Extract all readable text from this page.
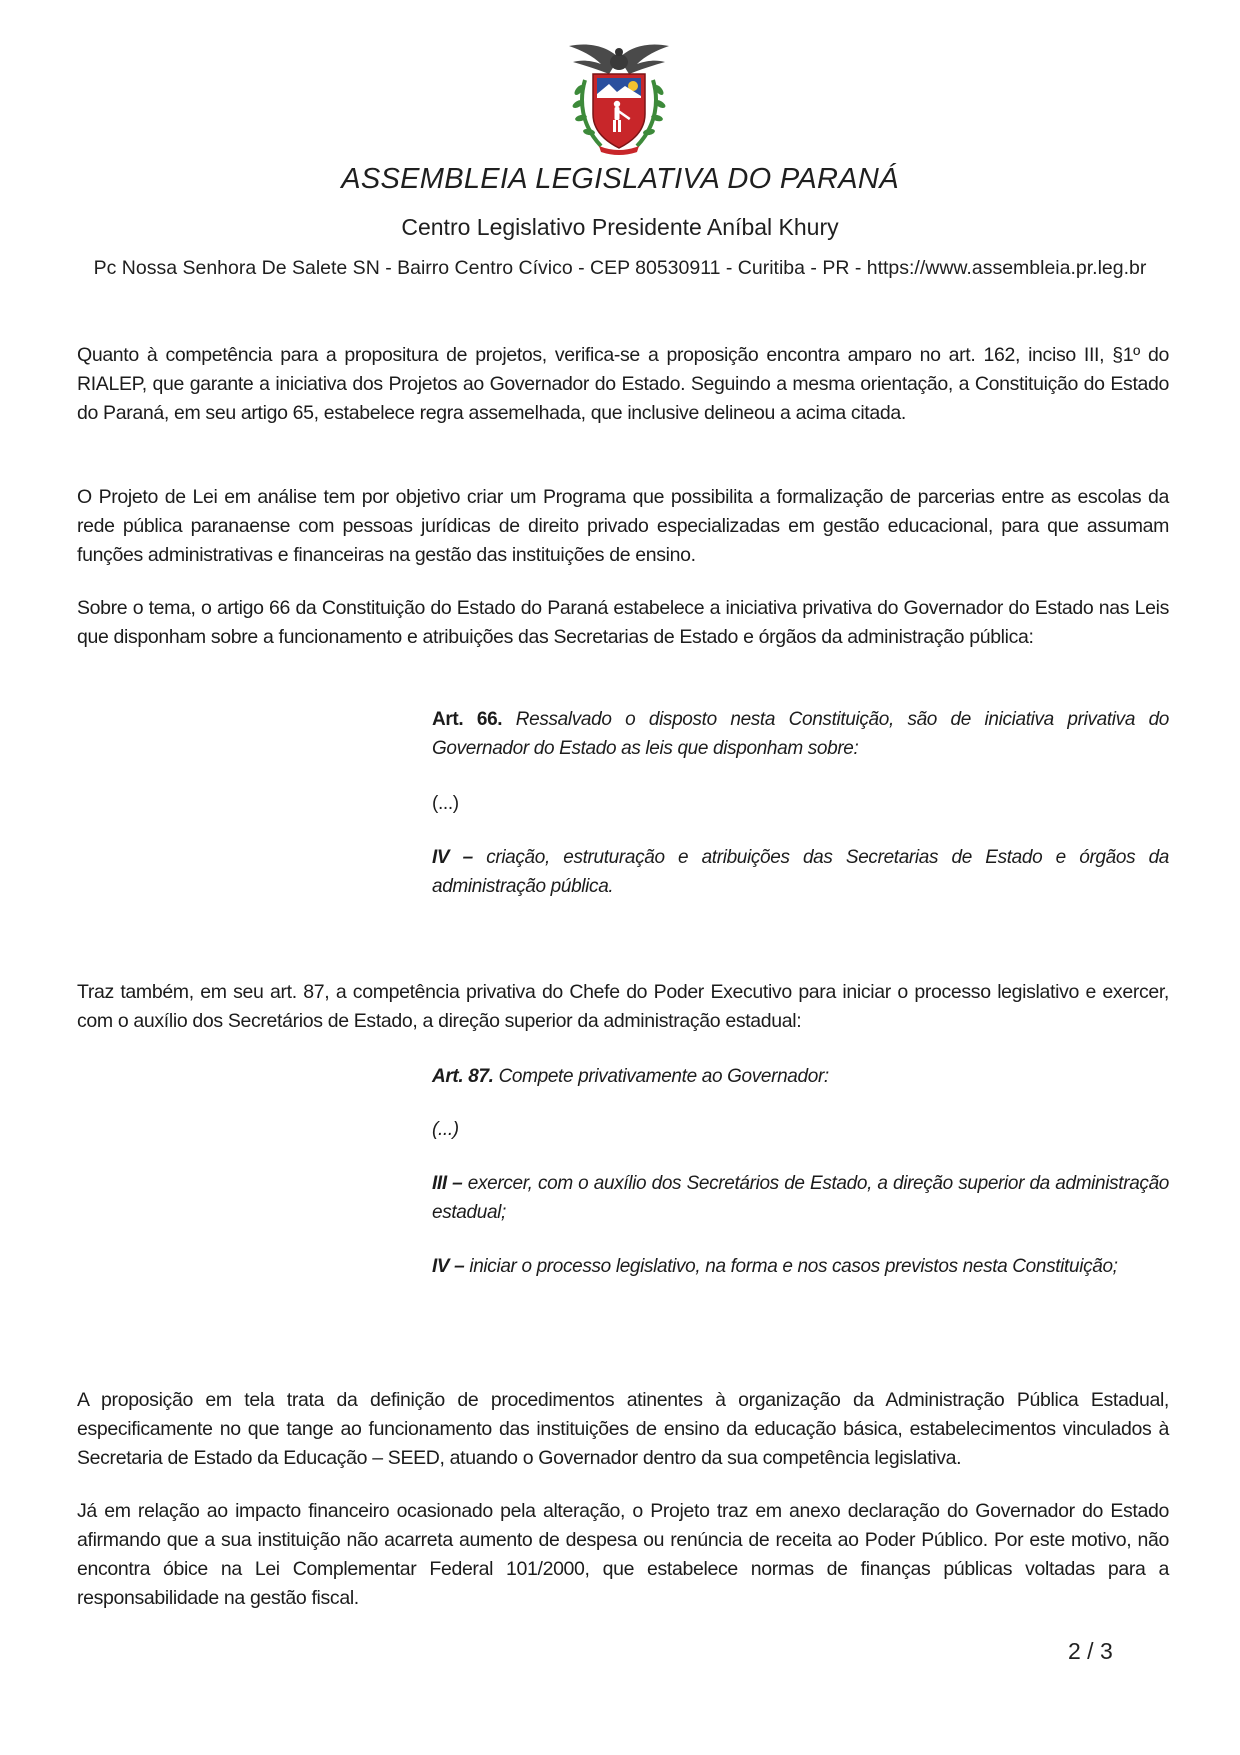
ASSEMBLEIA LEGISLATIVA DO PARANÁ
Centro Legislativo Presidente Aníbal Khury
Pc Nossa Senhora De Salete SN - Bairro Centro Cívico - CEP 80530911 - Curitiba - PR - https://www.assembleia.pr.leg.br
Quanto à competência para a propositura de projetos, verifica-se a proposição encontra amparo no art. 162, inciso III, §1º do RIALEP, que garante a iniciativa dos Projetos ao Governador do Estado. Seguindo a mesma orientação, a Constituição do Estado do Paraná, em seu artigo 65, estabelece regra assemelhada, que inclusive delineou a acima citada.
O Projeto de Lei em análise tem por objetivo criar um Programa que possibilita a formalização de parcerias entre as escolas da rede pública paranaense com pessoas jurídicas de direito privado especializadas em gestão educacional, para que assumam funções administrativas e financeiras na gestão das instituições de ensino.
Sobre o tema, o artigo 66 da Constituição do Estado do Paraná estabelece a iniciativa privativa do Governador do Estado nas Leis que disponham sobre a funcionamento e atribuições das Secretarias de Estado e órgãos da administração pública:
Art. 66. Ressalvado o disposto nesta Constituição, são de iniciativa privativa do Governador do Estado as leis que disponham sobre:
(...)
IV – criação, estruturação e atribuições das Secretarias de Estado e órgãos da administração pública.
Traz também, em seu art. 87, a competência privativa do Chefe do Poder Executivo para iniciar o processo legislativo e exercer, com o auxílio dos Secretários de Estado, a direção superior da administração estadual:
Art. 87. Compete privativamente ao Governador:
(...)
III – exercer, com o auxílio dos Secretários de Estado, a direção superior da administração estadual;
IV – iniciar o processo legislativo, na forma e nos casos previstos nesta Constituição;
A proposição em tela trata da definição de procedimentos atinentes à organização da Administração Pública Estadual, especificamente no que tange ao funcionamento das instituições de ensino da educação básica, estabelecimentos vinculados à Secretaria de Estado da Educação – SEED, atuando o Governador dentro da sua competência legislativa.
Já em relação ao impacto financeiro ocasionado pela alteração, o Projeto traz em anexo declaração do Governador do Estado afirmando que a sua instituição não acarreta aumento de despesa ou renúncia de receita ao Poder Público. Por este motivo, não encontra óbice na Lei Complementar Federal 101/2000, que estabelece normas de finanças públicas voltadas para a responsabilidade na gestão fiscal.
2 / 3
